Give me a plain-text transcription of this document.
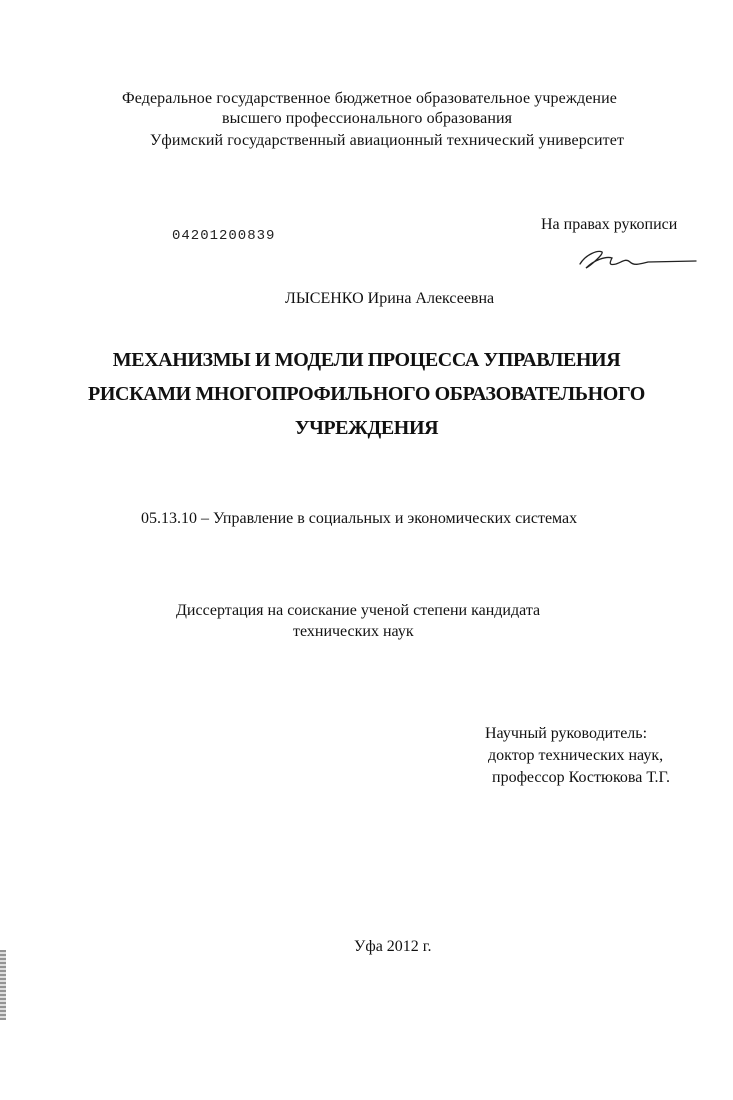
Федеральное государственное бюджетное образовательное учреждение
высшего профессионального образования
Уфимский государственный авиационный технический университет
04201200839
На правах рукописи
ЛЫСЕНКО Ирина Алексеевна
МЕХАНИЗМЫ И МОДЕЛИ ПРОЦЕССА УПРАВЛЕНИЯ
РИСКАМИ МНОГОПРОФИЛЬНОГО ОБРАЗОВАТЕЛЬНОГО
УЧРЕЖДЕНИЯ
05.13.10 – Управление в социальных и экономических системах
Диссертация на соискание ученой степени кандидата
технических наук
Научный руководитель:
доктор технических наук,
профессор Костюкова Т.Г.
Уфа 2012 г.
